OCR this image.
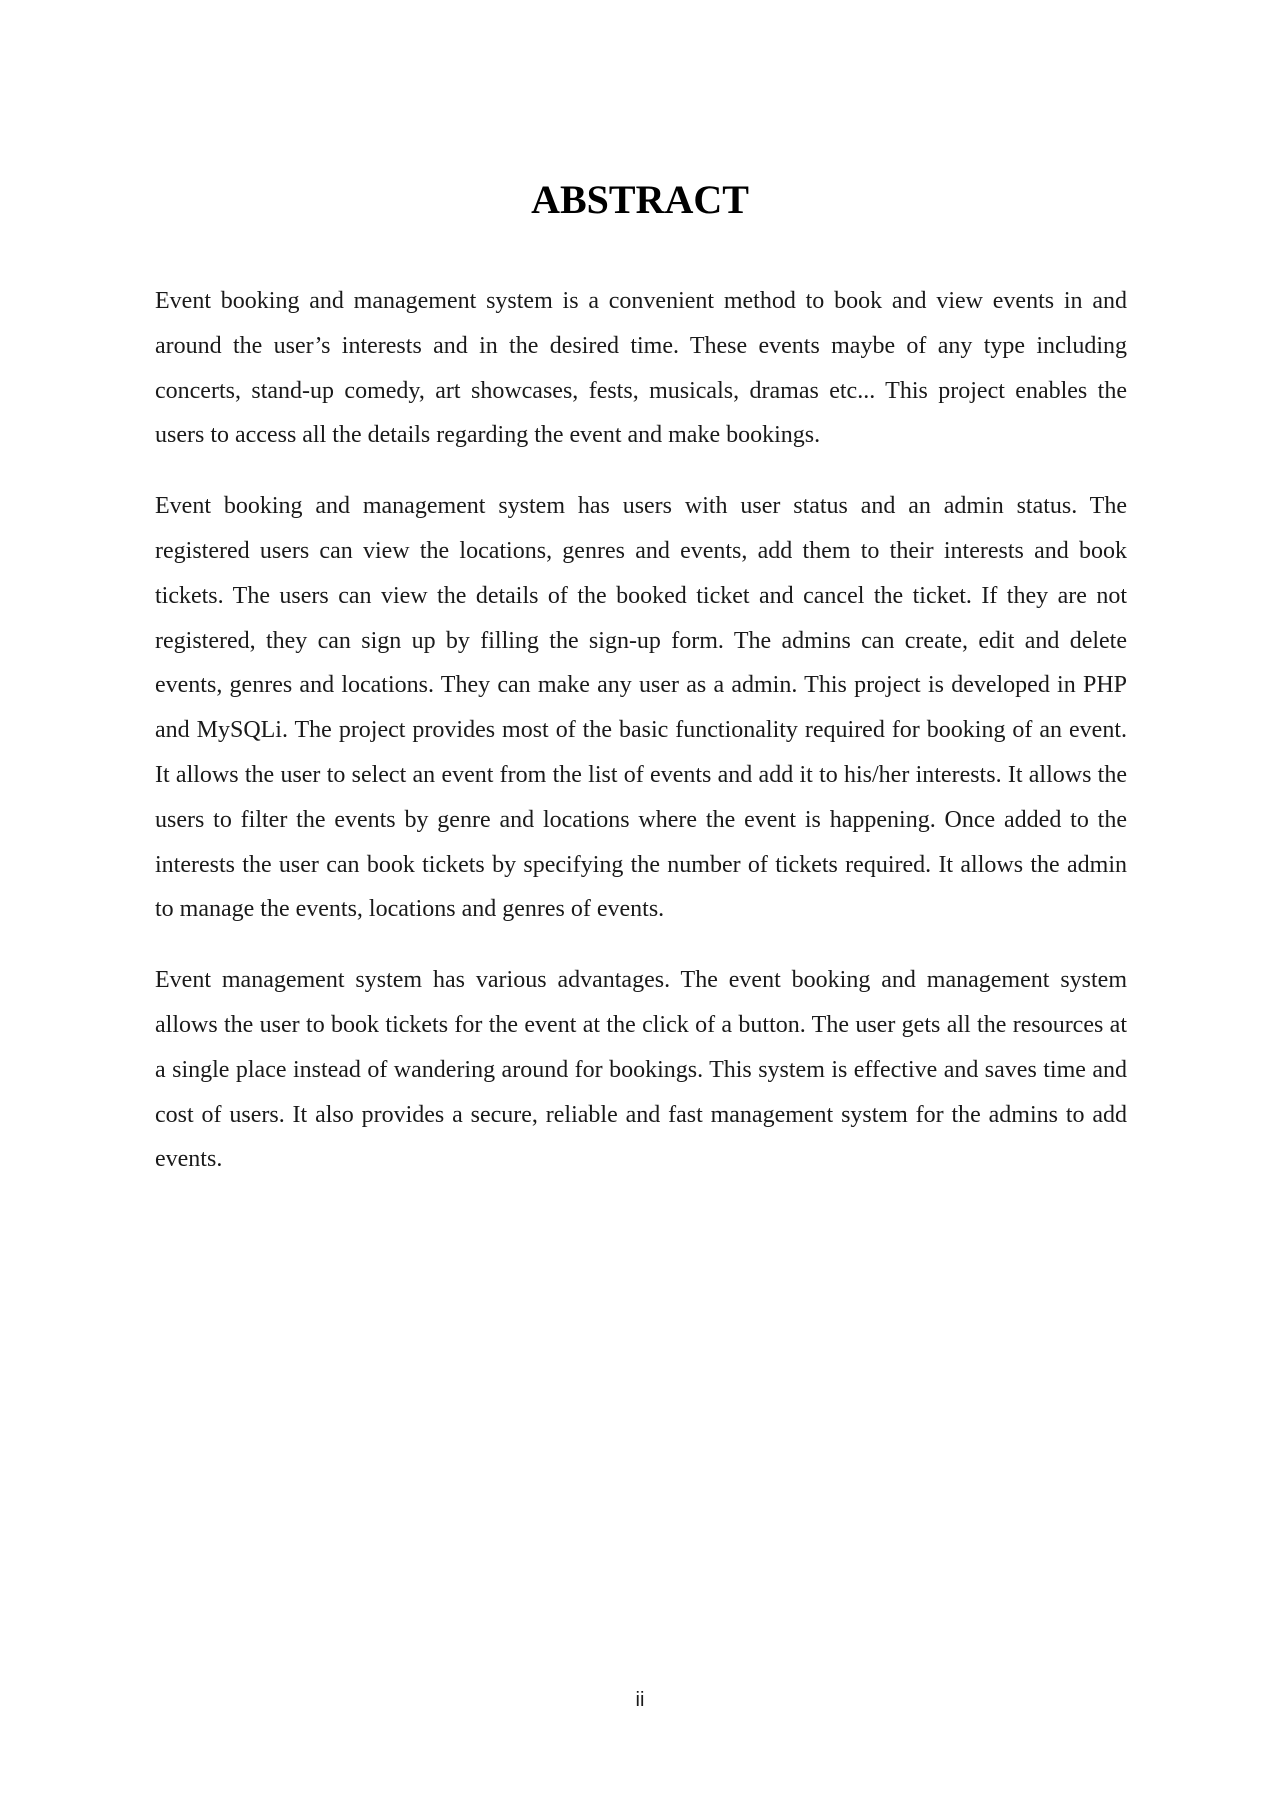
ABSTRACT

Event booking and management system is a convenient method to book and view events in and around the user’s interests and in the desired time. These events maybe of any type including concerts, stand-up comedy, art showcases, fests, musicals, dramas etc... This project enables the users to access all the details regarding the event and make bookings.

Event booking and management system has users with user status and an admin status. The registered users can view the locations, genres and events, add them to their interests and book tickets. The users can view the details of the booked ticket and cancel the ticket. If they are not registered, they can sign up by filling the sign-up form. The admins can create, edit and delete events, genres and locations. They can make any user as a admin. This project is developed in PHP and MySQLi. The project provides most of the basic functionality required for booking of an event. It allows the user to select an event from the list of events and add it to his/her interests. It allows the users to filter the events by genre and locations where the event is happening. Once added to the interests the user can book tickets by specifying the number of tickets required. It allows the admin to manage the events, locations and genres of events.

Event management system has various advantages. The event booking and management system allows the user to book tickets for the event at the click of a button. The user gets all the resources at a single place instead of wandering around for bookings. This system is effective and saves time and cost of users. It also provides a secure, reliable and fast management system for the admins to add events.

ii
